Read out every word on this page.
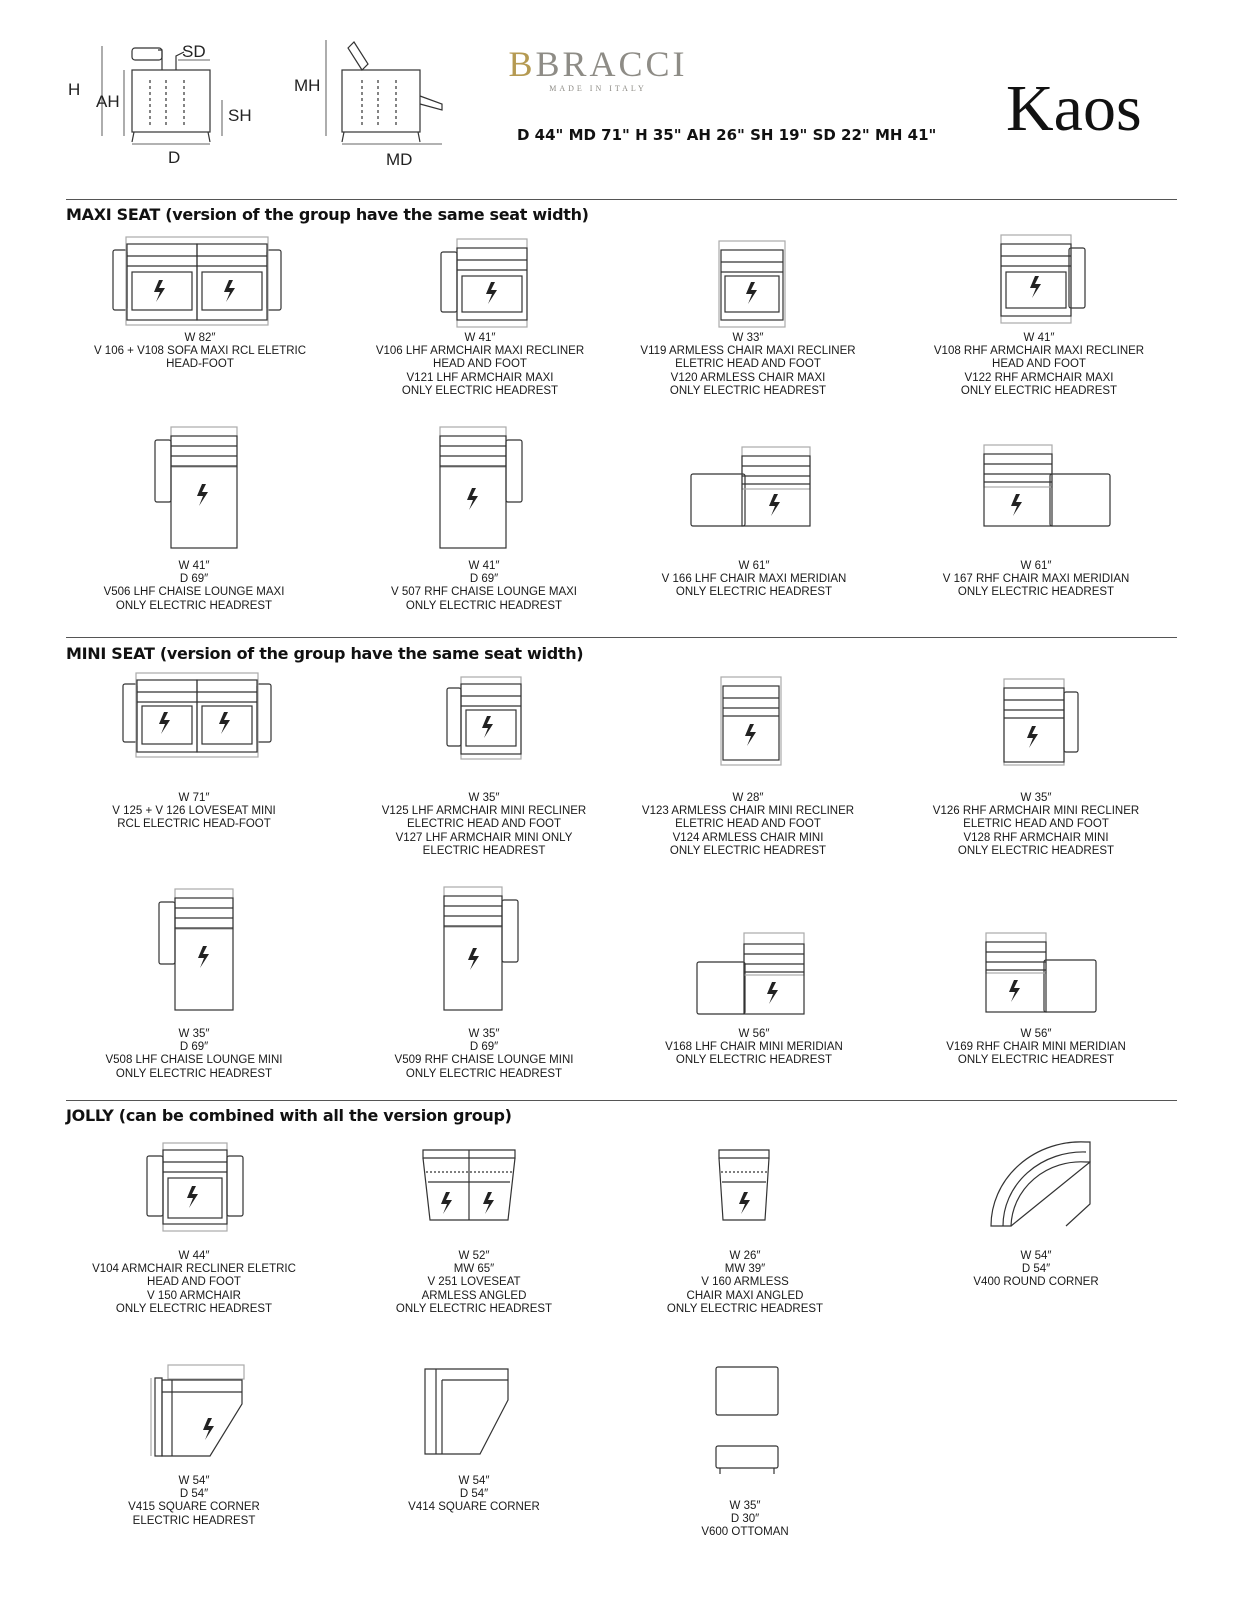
H
AH
SD
SH
D
MH
MD
BBRACCI
MADE IN ITALY
D 44" MD 71" H 35" AH 26" SH 19" SD 22" MH 41" Kaos
MAXI SEAT (version of the group have the same seat width)
MINI SEAT (version of the group have the same seat width)
JOLLY (can be combined with all the version group)
W 82″
V 106 + V108 SOFA MAXI RCL ELETRIC
HEAD-FOOT
W 41″
V106 LHF ARMCHAIR MAXI RECLINER
HEAD AND FOOT
V121 LHF ARMCHAIR MAXI
ONLY ELECTRIC HEADREST
W 33″
V119 ARMLESS CHAIR MAXI RECLINER
ELETRIC HEAD AND FOOT
V120 ARMLESS CHAIR MAXI
ONLY ELECTRIC HEADREST
W 41″
V108 RHF ARMCHAIR MAXI RECLINER
HEAD AND FOOT
V122 RHF ARMCHAIR MAXI
ONLY ELECTRIC HEADREST
W 41″
D 69″
V506 LHF CHAISE LOUNGE MAXI
ONLY ELECTRIC HEADREST
W 41″
D 69″
V 507 RHF CHAISE LOUNGE MAXI
ONLY ELECTRIC HEADREST
W 61″
V 166 LHF CHAIR MAXI MERIDIAN
ONLY ELECTRIC HEADREST
W 61″
V 167 RHF CHAIR MAXI MERIDIAN
ONLY ELECTRIC HEADREST
W 71″
V 125 + V 126 LOVESEAT MINI
RCL ELECTRIC HEAD-FOOT
W 35″
V125 LHF ARMCHAIR MINI RECLINER
ELECTRIC HEAD AND FOOT
V127 LHF ARMCHAIR MINI ONLY
ELECTRIC HEADREST
W 28″
V123 ARMLESS CHAIR MINI RECLINER
ELETRIC HEAD AND FOOT
V124 ARMLESS CHAIR MINI
ONLY ELECTRIC HEADREST
W 35″
V126 RHF ARMCHAIR MINI RECLINER
ELETRIC HEAD AND FOOT
V128 RHF ARMCHAIR MINI
ONLY ELECTRIC HEADREST
W 35″
D 69″
V508 LHF CHAISE LOUNGE MINI
ONLY ELECTRIC HEADREST
W 35″
D 69″
V509 RHF CHAISE LOUNGE MINI
ONLY ELECTRIC HEADREST
W 56″
V168 LHF CHAIR MINI MERIDIAN
ONLY ELECTRIC HEADREST
W 56″
V169 RHF CHAIR MINI MERIDIAN
ONLY ELECTRIC HEADREST
W 44″
V104 ARMCHAIR RECLINER ELETRIC
HEAD AND FOOT
V 150 ARMCHAIR
ONLY ELECTRIC HEADREST
W 52″
MW 65″
V 251 LOVESEAT
ARMLESS ANGLED
ONLY ELECTRIC HEADREST
W 26″
MW 39″
V 160 ARMLESS
CHAIR MAXI ANGLED
ONLY ELECTRIC HEADREST
W 54″
D 54″
V400 ROUND CORNER
W 54″
D 54″
V415 SQUARE CORNER
ELECTRIC HEADREST
W 54″
D 54″
V414 SQUARE CORNER	W 35″
D 30″
V600 OTTOMAN
